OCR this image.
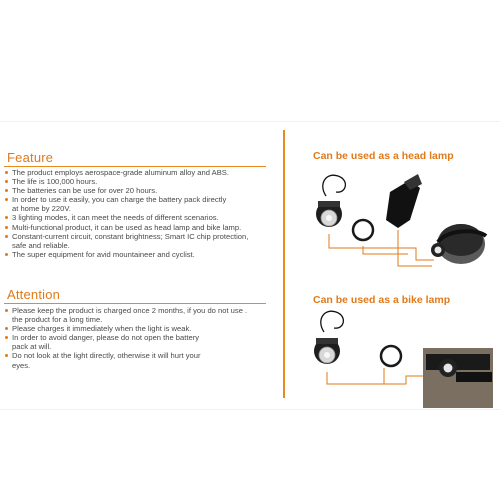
Feature
The product employs aerospace-grade aluminum alloy and ABS.
The life is 100,000 hours.
The batteries can be use for over 20 hours.
In order to use it easily, you can charge the battery pack directly
at home by 220V.
3 lighting modes, it can meet the needs of different scenarios.
Multi-functional product, it can be used as head lamp and bike lamp.
Constant-current circuit, constant brightness; Smart IC chip protection,
safe and reliable.
The super equipment for avid mountaineer and cyclist.
Attention
Please keep the product is charged once 2 months, if you do not use .
the product for a long time.
Please charges it immediately when the light is weak.
In order to avoid danger, please do not open the battery
pack at will.
Do not look at the light directly, otherwise it will hurt your
eyes.
Can be used as a head lamp
Can be used as a bike lamp
